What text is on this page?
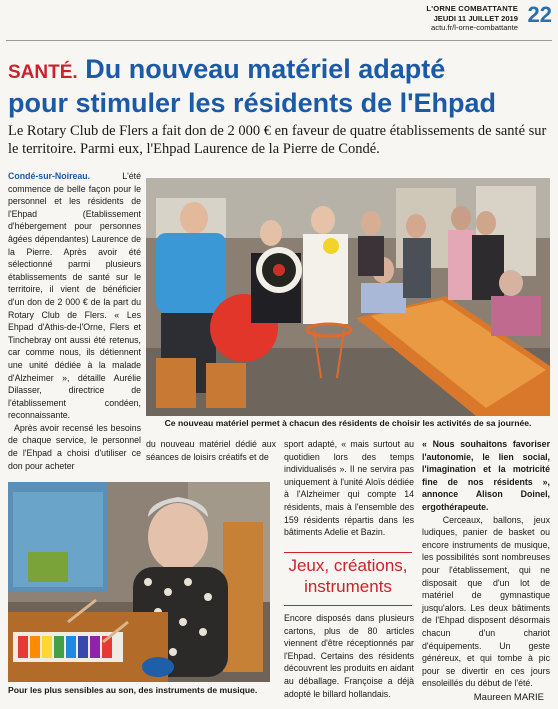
L'ORNE COMBATTANTE
JEUDI 11 JUILLET 2019
actu.fr/l-orne-combattante
22
SANTÉ. Du nouveau matériel adapté
pour stimuler les résidents de l'Ehpad
Le Rotary Club de Flers a fait don de 2 000 € en faveur de quatre établissements de santé sur le territoire. Parmi eux, l'Ehpad Laurence de la Pierre de Condé.
Condé-sur-Noireau.	L'été commence de belle façon pour le personnel et les résidents de l'Ehpad (Etablissement d'hébergement pour personnes âgées dépendantes) Laurence de la Pierre. Après avoir été sélectionné parmi plusieurs établissements de santé sur le territoire, il vient de bénéficier d'un don de 2 000 € de la part du Rotary Club de Flers. « Les Ehpad d'Athis-de-l'Orne, Flers et Tinchebray ont aussi été retenus, car comme nous, ils détiennent une unité dédiée à la malade d'Alzheimer », détaille Aurélie Dilasser, directrice de l'établissement condéen, reconnaissante.
Après avoir recensé les besoins de chaque service, le personnel de l'Ehpad a choisi d'utiliser ce don pour acheter
Ce nouveau matériel permet à chacun des résidents de choisir les activités de sa journée.
du nouveau matériel dédié aux séances de loisirs créatifs et de
Pour les plus sensibles au son, des instruments de musique.
sport adapté, « mais surtout au quotidien lors des temps individualisés ». Il ne servira pas uniquement à l'unité Aloïs dédiée à l'Alzheimer qui compte 14 résidents, mais à l'ensemble des 159 résidents répartis dans les bâtiments Adelie et Bazin.
Jeux, créations,
instruments
Encore disposés dans plusieurs cartons, plus de 80 articles viennent d'être réceptionnés par l'Ehpad. Certains des résidents découvrent les produits en aidant au déballage. Françoise a déjà adopté le billard hollandais.
« Nous souhaitons favoriser l'autonomie, le lien social, l'imagination et la motricité fine de nos résidents », annonce Alison Doinel, ergothérapeute.
Cerceaux, ballons, jeux ludiques, panier de basket ou encore instruments de musique, les possibilités sont nombreuses pour l'établissement, qui ne disposait que d'un lot de matériel de gymnastique jusqu'alors. Les deux bâtiments de l'Ehpad disposent désormais chacun d'un chariot d'équipements. Un geste généreux, et qui tombe à pic pour se divertir en ces jours ensoleillés du début de l'été.
Maureen MARIE
